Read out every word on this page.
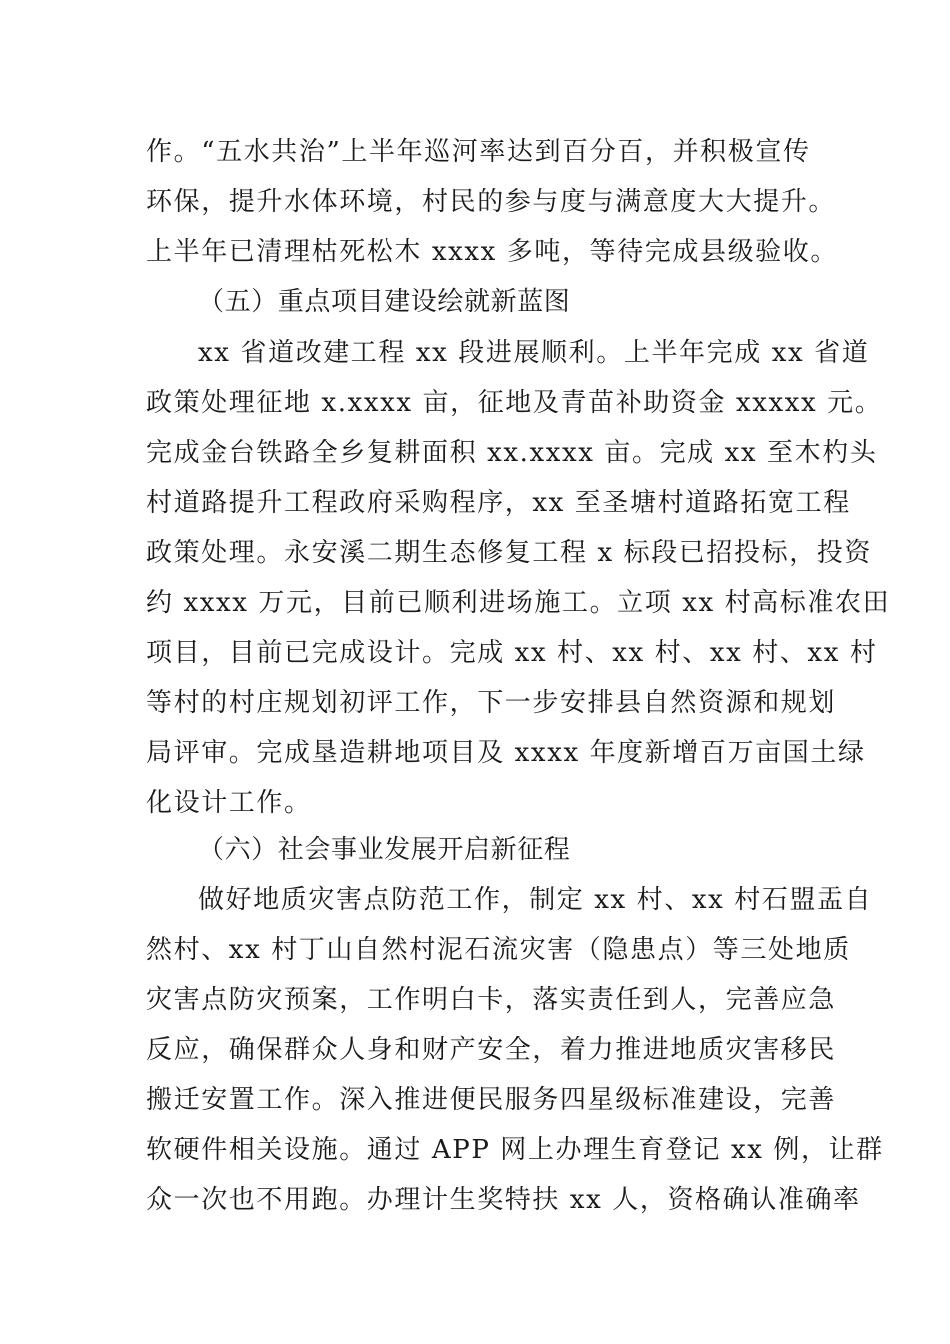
作。“五水共治”上半年巡河率达到百分百，并积极宣传
环保，提升水体环境，村民的参与度与满意度大大提升。
上半年已清理枯死松木 xxxx 多吨，等待完成县级验收。
（五）重点项目建设绘就新蓝图
xx 省道改建工程 xx 段进展顺利。上半年完成 xx 省道
政策处理征地 x.xxxx 亩，征地及青苗补助资金 xxxxx 元。
完成金台铁路全乡复耕面积 xx.xxxx 亩。完成 xx 至木杓头
村道路提升工程政府采购程序，xx 至圣塘村道路拓宽工程
政策处理。永安溪二期生态修复工程 x 标段已招投标，投资
约 xxxx 万元，目前已顺利进场施工。立项 xx 村高标准农田
项目，目前已完成设计。完成 xx 村、xx 村、xx 村、xx 村
等村的村庄规划初评工作，下一步安排县自然资源和规划
局评审。完成垦造耕地项目及 xxxx 年度新增百万亩国土绿
化设计工作。
（六）社会事业发展开启新征程
做好地质灾害点防范工作，制定 xx 村、xx 村石盟盂自
然村、xx 村丁山自然村泥石流灾害（隐患点）等三处地质
灾害点防灾预案，工作明白卡，落实责任到人，完善应急
反应，确保群众人身和财产安全，着力推进地质灾害移民
搬迁安置工作。深入推进便民服务四星级标准建设，完善
软硬件相关设施。通过 APP 网上办理生育登记 xx 例，让群
众一次也不用跑。办理计生奖特扶 xx 人，资格确认准确率
